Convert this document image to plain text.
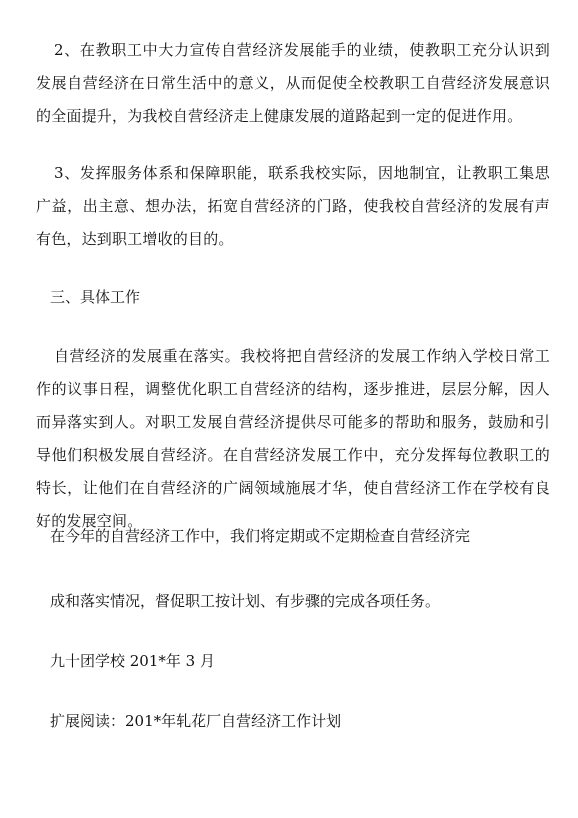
2、在教职工中大力宣传自营经济发展能手的业绩，使教职工充分认识到发展自营经济在日常生活中的意义，从而促使全校教职工自营经济发展意识的全面提升，为我校自营经济走上健康发展的道路起到一定的促进作用。

3、发挥服务体系和保障职能，联系我校实际，因地制宜，让教职工集思广益，出主意、想办法，拓宽自营经济的门路，使我校自营经济的发展有声有色，达到职工增收的目的。

三、具体工作

自营经济的发展重在落实。我校将把自营经济的发展工作纳入学校日常工作的议事日程，调整优化职工自营经济的结构，逐步推进，层层分解，因人而异落实到人。对职工发展自营经济提供尽可能多的帮助和服务，鼓励和引导他们积极发展自营经济。在自营经济发展工作中，充分发挥每位教职工的特长，让他们在自营经济的广阔领域施展才华，使自营经济工作在学校有良好的发展空间。

在今年的自营经济工作中，我们将定期或不定期检查自营经济完

成和落实情况，督促职工按计划、有步骤的完成各项任务。

九十团学校 201*年 3 月

扩展阅读：201*年轧花厂自营经济工作计划
